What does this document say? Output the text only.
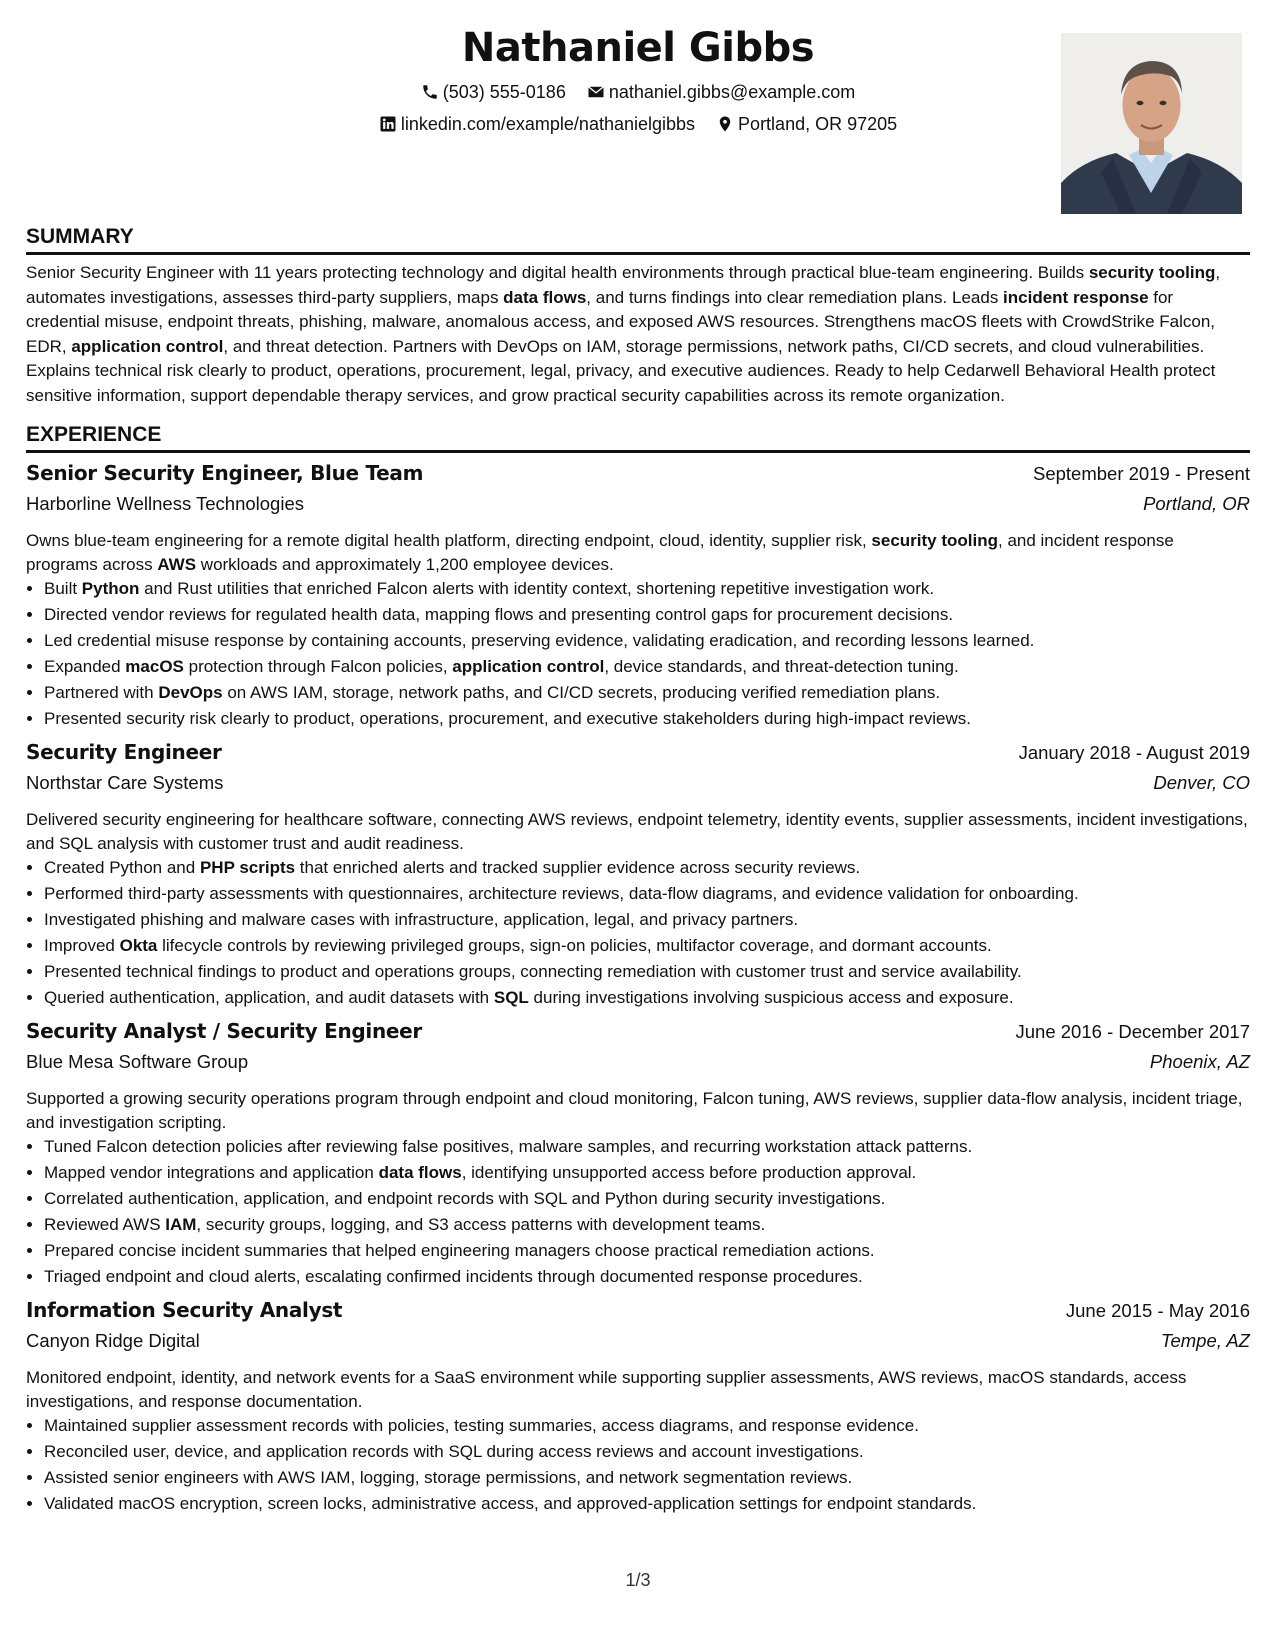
Nathaniel Gibbs
(503) 555-0186
nathaniel.gibbs@example.com
linkedin.com/example/nathanielgibbs
Portland, OR 97205
SUMMARY

Senior Security Engineer with 11 years protecting technology and digital health environments through practical blue-team engineering. Builds security tooling, automates investigations, assesses third-party suppliers, maps data flows, and turns findings into clear remediation plans. Leads incident response for credential misuse, endpoint threats, phishing, malware, anomalous access, and exposed AWS resources. Strengthens macOS fleets with CrowdStrike Falcon, EDR, application control, and threat detection. Partners with DevOps on IAM, storage permissions, network paths, CI/CD secrets, and cloud vulnerabilities. Explains technical risk clearly to product, operations, procurement, legal, privacy, and executive audiences. Ready to help Cedarwell Behavioral Health protect sensitive information, support dependable therapy services, and grow practical security capabilities across its remote organization.

EXPERIENCE
Senior Security Engineer, Blue Team	September 2019 - Present
Harborline Wellness Technologies	Portland, OR

Owns blue-team engineering for a remote digital health platform, directing endpoint, cloud, identity, supplier risk, security tooling, and incident response programs across AWS workloads and approximately 1,200 employee devices.

• Built Python and Rust utilities that enriched Falcon alerts with identity context, shortening repetitive investigation work.
• Directed vendor reviews for regulated health data, mapping flows and presenting control gaps for procurement decisions.
• Led credential misuse response by containing accounts, preserving evidence, validating eradication, and recording lessons learned.
• Expanded macOS protection through Falcon policies, application control, device standards, and threat-detection tuning.
• Partnered with DevOps on AWS IAM, storage, network paths, and CI/CD secrets, producing verified remediation plans.
• Presented security risk clearly to product, operations, procurement, and executive stakeholders during high-impact reviews.
Security Engineer	January 2018 - August 2019
Northstar Care Systems	Denver, CO

Delivered security engineering for healthcare software, connecting AWS reviews, endpoint telemetry, identity events, supplier assessments, incident investigations, and SQL analysis with customer trust and audit readiness.

• Created Python and PHP scripts that enriched alerts and tracked supplier evidence across security reviews.
• Performed third-party assessments with questionnaires, architecture reviews, data-flow diagrams, and evidence validation for onboarding.
• Investigated phishing and malware cases with infrastructure, application, legal, and privacy partners.
• Improved Okta lifecycle controls by reviewing privileged groups, sign-on policies, multifactor coverage, and dormant accounts.
• Presented technical findings to product and operations groups, connecting remediation with customer trust and service availability.
• Queried authentication, application, and audit datasets with SQL during investigations involving suspicious access and exposure.
Security Analyst / Security Engineer	June 2016 - December 2017
Blue Mesa Software Group	Phoenix, AZ

Supported a growing security operations program through endpoint and cloud monitoring, Falcon tuning, AWS reviews, supplier data-flow analysis, incident triage, and investigation scripting.

• Tuned Falcon detection policies after reviewing false positives, malware samples, and recurring workstation attack patterns.
• Mapped vendor integrations and application data flows, identifying unsupported access before production approval.
• Correlated authentication, application, and endpoint records with SQL and Python during security investigations.
• Reviewed AWS IAM, security groups, logging, and S3 access patterns with development teams.
• Prepared concise incident summaries that helped engineering managers choose practical remediation actions.
• Triaged endpoint and cloud alerts, escalating confirmed incidents through documented response procedures.
Information Security Analyst	June 2015 - May 2016
Canyon Ridge Digital	Tempe, AZ

Monitored endpoint, identity, and network events for a SaaS environment while supporting supplier assessments, AWS reviews, macOS standards, access investigations, and response documentation.

• Maintained supplier assessment records with policies, testing summaries, access diagrams, and response evidence.
• Reconciled user, device, and application records with SQL during access reviews and account investigations.
• Assisted senior engineers with AWS IAM, logging, storage permissions, and network segmentation reviews.
• Validated macOS encryption, screen locks, administrative access, and approved-application settings for endpoint standards.
1/3
